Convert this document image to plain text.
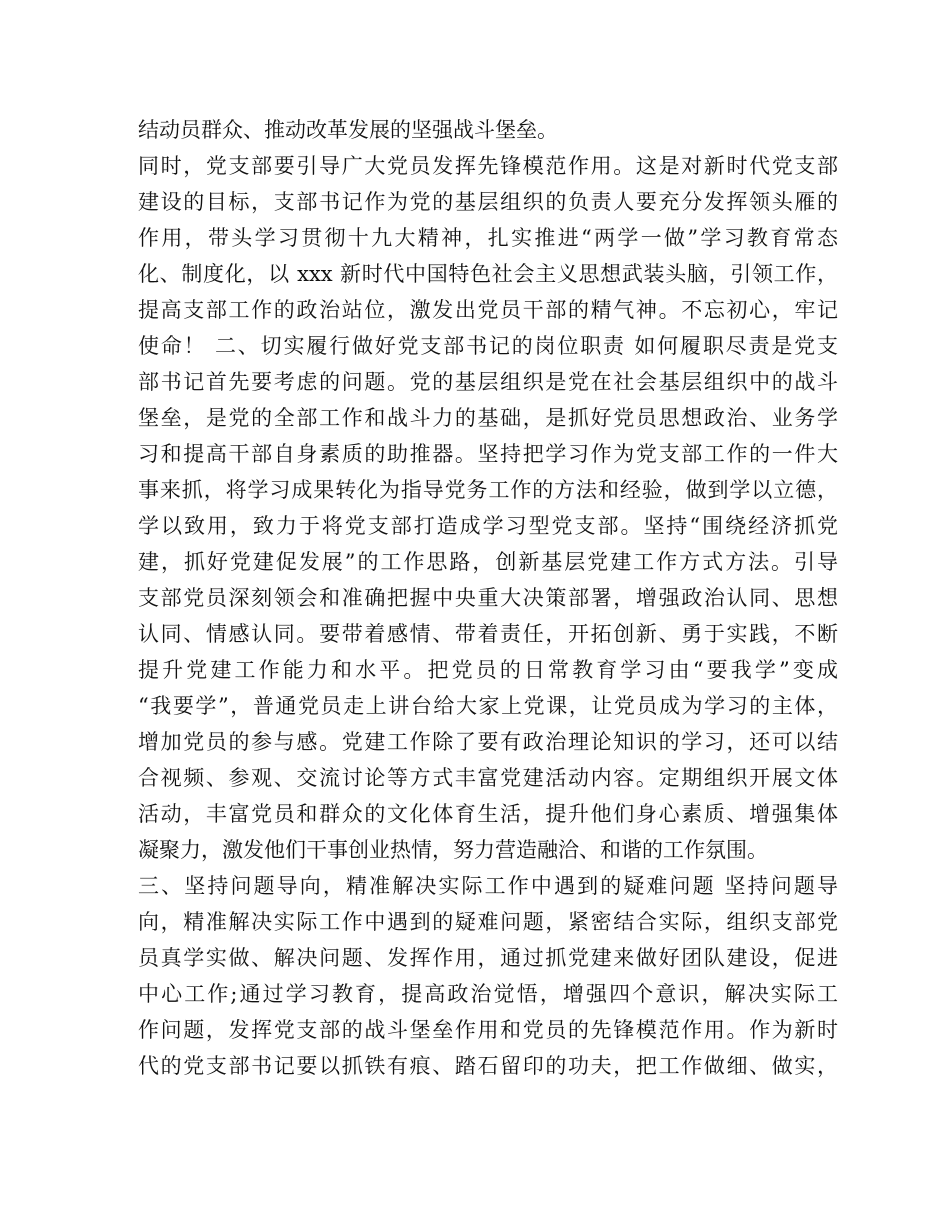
结动员群众、推动改革发展的坚强战斗堡垒。
同时，党支部要引导广大党员发挥先锋模范作用。这是对新时代党支部
建设的目标，支部书记作为党的基层组织的负责人要充分发挥领头雁的
作用，带头学习贯彻十九大精神，扎实推进“两学一做”学习教育常态
化、制度化，以 xxx 新时代中国特色社会主义思想武装头脑，引领工作，
提高支部工作的政治站位，激发出党员干部的精气神。不忘初心，牢记
使命！ 二、切实履行做好党支部书记的岗位职责 如何履职尽责是党支
部书记首先要考虑的问题。党的基层组织是党在社会基层组织中的战斗
堡垒，是党的全部工作和战斗力的基础，是抓好党员思想政治、业务学
习和提高干部自身素质的助推器。坚持把学习作为党支部工作的一件大
事来抓，将学习成果转化为指导党务工作的方法和经验，做到学以立德，
学以致用，致力于将党支部打造成学习型党支部。坚持“围绕经济抓党
建，抓好党建促发展”的工作思路，创新基层党建工作方式方法。引导
支部党员深刻领会和准确把握中央重大决策部署，增强政治认同、思想
认同、情感认同。要带着感情、带着责任，开拓创新、勇于实践，不断
提升党建工作能力和水平。把党员的日常教育学习由“要我学”变成
“我要学”，普通党员走上讲台给大家上党课，让党员成为学习的主体，
增加党员的参与感。党建工作除了要有政治理论知识的学习，还可以结
合视频、参观、交流讨论等方式丰富党建活动内容。定期组织开展文体
活动，丰富党员和群众的文化体育生活，提升他们身心素质、增强集体
凝聚力，激发他们干事创业热情，努力营造融洽、和谐的工作氛围。
三、坚持问题导向，精准解决实际工作中遇到的疑难问题 坚持问题导
向，精准解决实际工作中遇到的疑难问题，紧密结合实际，组织支部党
员真学实做、解决问题、发挥作用，通过抓党建来做好团队建设，促进
中心工作;通过学习教育，提高政治觉悟，增强四个意识，解决实际工
作问题，发挥党支部的战斗堡垒作用和党员的先锋模范作用。作为新时
代的党支部书记要以抓铁有痕、踏石留印的功夫，把工作做细、做实，
